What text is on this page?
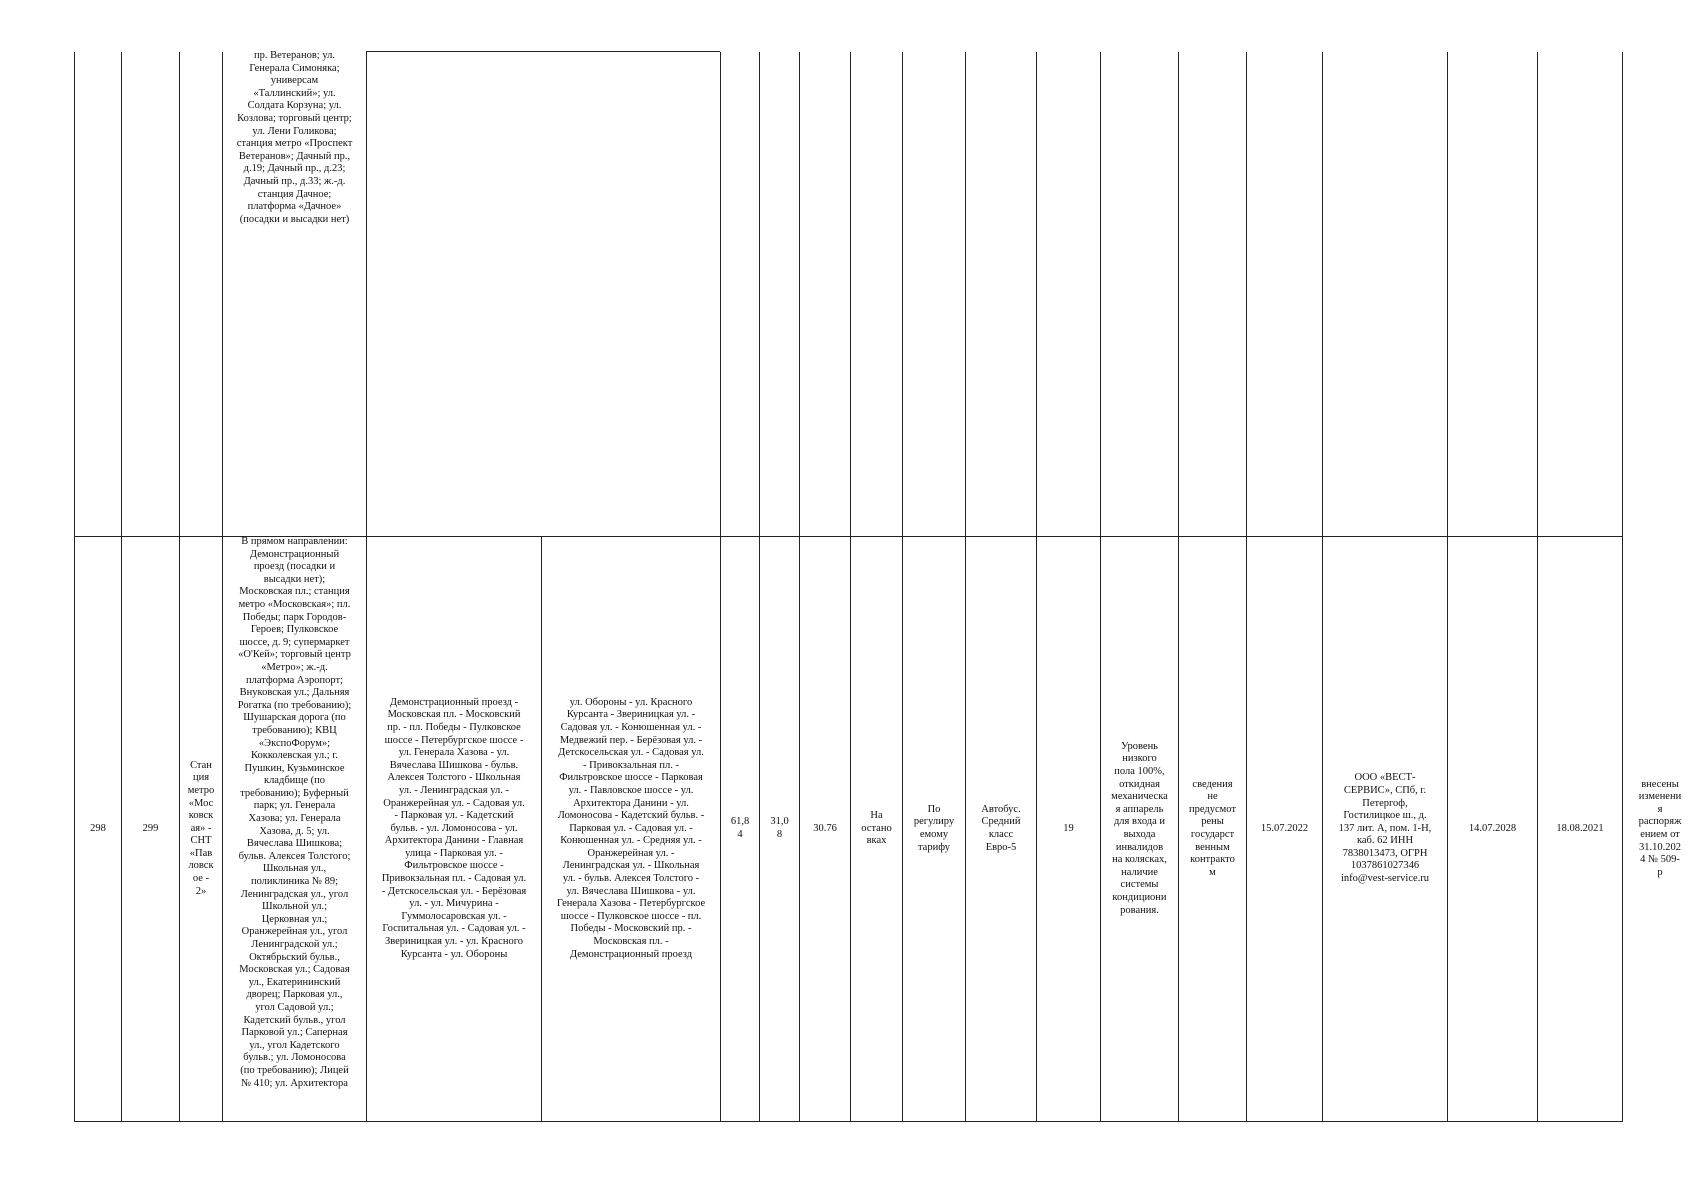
пр. Ветеранов; ул.
Генерала Симоняка;
универсам
«Таллинский»; ул.
Солдата Корзуна; ул.
Козлова; торговый центр;
ул. Лени Голикова;
станция метро «Проспект
Ветеранов»; Дачный пр.,
д.19; Дачный пр., д.23;
Дачный пр., д.33; ж.-д.
станция Дачное;
платформа «Дачное»
(посадки и высадки нет)
298	299
Стан
ция
метро
«Мос
ковск
ая» -
СНТ
«Пав
ловск
ое -
2»
В прямом направлении:
Демонстрационный
проезд (посадки и
высадки нет);
Московская пл.; станция
метро «Московская»; пл.
Победы; парк Городов-
Героев; Пулковское
шоссе, д. 9; супермаркет
«О'Кей»; торговый центр
«Метро»; ж.-д.
платформа Аэропорт;
Внуковская ул.; Дальняя
Рогатка (по требованию);
Шушарская дорога (по
требованию); КВЦ
«ЭкспоФорум»;
Кокколевская ул.; г.
Пушкин, Кузьминское
кладбище (по
требованию); Буферный
парк; ул. Генерала
Хазова; ул. Генерала
Хазова, д. 5; ул.
Вячеслава Шишкова;
бульв. Алексея Толстого;
Школьная ул.,
поликлиника № 89;
Ленинградская ул., угол
Школьной ул.;
Церковная ул.;
Оранжерейная ул., угол
Ленинградской ул.;
Октябрьский бульв.,
Московская ул.; Садовая
ул., Екатерининский
дворец; Парковая ул.,
угол Садовой ул.;
Кадетский бульв., угол
Парковой ул.; Саперная
ул., угол Кадетского
бульв.; ул. Ломоносова
(по требованию); Лицей
№ 410; ул. Архитектора
Демонстрационный проезд -
Московская пл. - Московский
пр. - пл. Победы - Пулковское
шоссе - Петербургское шоссе -
ул. Генерала Хазова - ул.
Вячеслава Шишкова - бульв.
Алексея Толстого - Школьная
ул. - Ленинградская ул. -
Оранжерейная ул. - Садовая ул.
- Парковая ул. - Кадетский
бульв. - ул. Ломоносова - ул.
Архитектора Данини - Главная
улица - Парковая ул. -
Фильтровское шоссе -
Привокзальная пл. - Садовая ул.
- Детскосельская ул. - Берёзовая
ул. - ул. Мичурина -
Гуммолосаровская ул. -
Госпитальная ул. - Садовая ул. -
Звериницкая ул. - ул. Красного
Курсанта - ул. Обороны
ул. Обороны - ул. Красного
Курсанта - Звериницкая ул. -
Садовая ул. - Конюшенная ул. -
Медвежий пер. - Берёзовая ул. -
Детскосельская ул. - Садовая ул.
- Привокзальная пл. -
Фильтровское шоссе - Парковая
ул. - Павловское шоссе - ул.
Архитектора Данини - ул.
Ломоносова - Кадетский бульв. -
Парковая ул. - Садовая ул. -
Конюшенная ул. - Средняя ул. -
Оранжерейная ул. -
Ленинградская ул. - Школьная
ул. - бульв. Алексея Толстого -
ул. Вячеслава Шишкова - ул.
Генерала Хазова - Петербургское
шоссе - Пулковское шоссе - пл.
Победы - Московский пр. -
Московская пл. -
Демонстрационный проезд
61,8
4
31,0
8
30.76
На
остано
вках
По
регулиру
емому
тарифу
Автобус.
Средний
класс
Евро-5
19
Уровень
низкого
пола 100%,
откидная
механическа
я аппарель
для входа и
выхода
инвалидов
на колясках,
наличие
системы
кондициони
рования.
сведения
не
предусмот
рены
государст
венным
контракто
м
15.07.2022
ООО «ВЕСТ-
СЕРВИС», СПб, г.
Петергоф,
Гостилицкое ш., д.
137 лит. А, пом. 1-Н,
каб. 62 ИНН
7838013473, ОГРН
1037861027346
info@vest-service.ru
14.07.2028	18.08.2021
внесены
изменени
я
распоряж
ением от
31.10.202
4 № 509-
р
